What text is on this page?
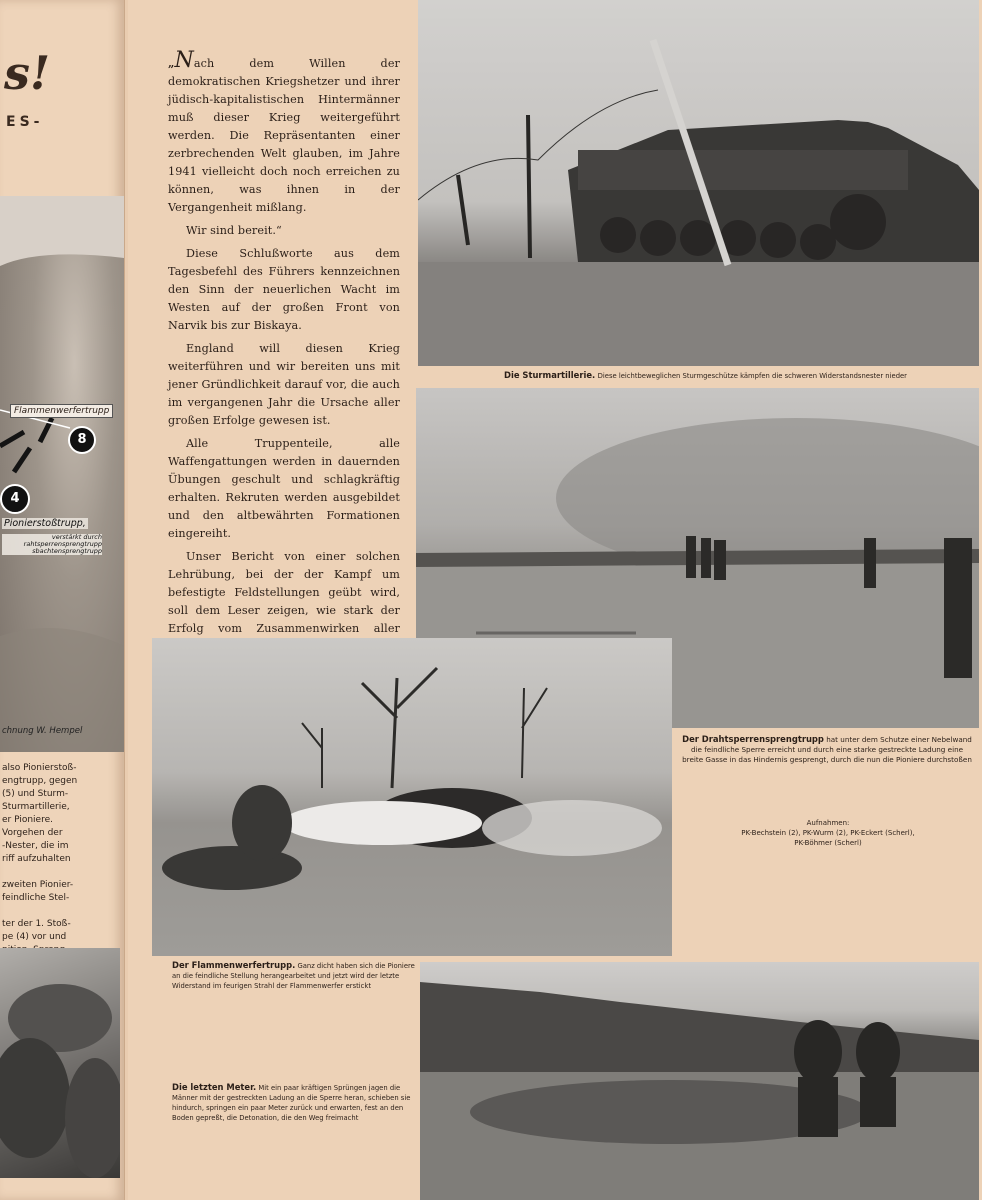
s!
ES-
Flammenwerfertrupp
8
4
Pionierstoßtrupp,
verstärkt durch
rahtsperrensprengtrupp
sbachtensprengtrupp
chnung W. Hempel
also Pionierstoß-
engtrupp, gegen
(5) und Sturm-
Sturmartillerie,
er Pioniere.
Vorgehen der
-Nester, die im
riff aufzuhalten
zweiten Pionier-
feindliche Stel-
ter der 1. Stoß-
pe (4) vor und

„Nach dem Willen der demokratischen Kriegshetzer und ihrer jüdisch-kapitalistischen Hintermänner muß dieser Krieg weitergeführt werden. Die Repräsentanten einer zerbrechenden Welt glauben, im Jahre 1941 vielleicht doch noch erreichen zu können, was ihnen in der Vergangenheit mißlang.

Wir sind bereit.“

Diese Schlußworte aus dem Tagesbefehl des Führers kennzeichnen den Sinn der neuerlichen Wacht im Westen auf der großen Front von Narvik bis zur Biskaya.

England will diesen Krieg weiterführen und wir bereiten uns mit jener Gründlichkeit darauf vor, die auch im vergangenen Jahr die Ursache aller großen Erfolge gewesen ist.

Alle Truppenteile, alle Waffengattungen werden in dauernden Übungen geschult und schlagkräftig erhalten. Rekruten werden ausgebildet und den altbewährten Formationen eingereiht.

Unser Bericht von einer solchen Lehrübung, bei der der Kampf um befestigte Feldstellungen geübt wird, soll dem Leser zeigen, wie stark der Erfolg vom Zusammenwirken aller

Die Sturmartillerie. Diese leichtbeweglichen Sturmgeschütze kämpfen die schweren Widerstandsnester nieder
Der Drahtsperrensprengtrupp hat unter dem Schutze einer Nebelwand die feindliche Sperre erreicht und durch eine starke gestreckte Ladung eine breite Gasse in das Hindernis gesprengt, durch die nun die Pioniere durchstoßen
Aufnahmen:
PK-Bechstein (2), PK-Wurm (2), PK-Eckert (Scherl),
PK-Böhmer (Scherl)
Der Flammenwerfertrupp. Ganz dicht haben sich die Pioniere an die feindliche Stellung herangearbeitet und jetzt wird der letzte Widerstand im feurigen Strahl der Flammenwerfer erstickt
Die letzten Meter. Mit ein paar kräftigen Sprüngen jagen die Männer mit der gestreckten Ladung an die Sperre heran, schieben sie hindurch, springen ein paar Meter zurück und erwarten, fest an den Boden gepreßt, die Detonation, die den Weg freimacht
